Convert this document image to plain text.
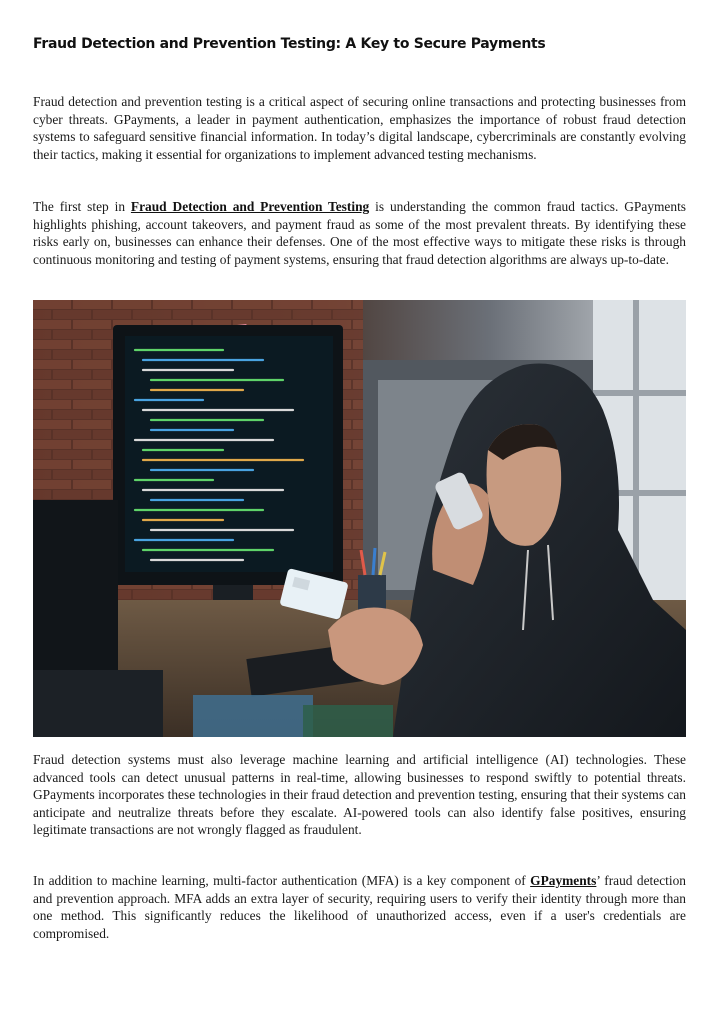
Fraud Detection and Prevention Testing: A Key to Secure Payments

Fraud detection and prevention testing is a critical aspect of securing online transactions and protecting businesses from cyber threats. GPayments, a leader in payment authentication, emphasizes the importance of robust fraud detection systems to safeguard sensitive financial information. In today’s digital landscape, cybercriminals are constantly evolving their tactics, making it essential for organizations to implement advanced testing mechanisms.

The first step in Fraud Detection and Prevention Testing is understanding the common fraud tactics. GPayments highlights phishing, account takeovers, and payment fraud as some of the most prevalent threats. By identifying these risks early on, businesses can enhance their defenses. One of the most effective ways to mitigate these risks is through continuous monitoring and testing of payment systems, ensuring that fraud detection algorithms are always up-to-date.

Fraud detection systems must also leverage machine learning and artificial intelligence (AI) technologies. These advanced tools can detect unusual patterns in real-time, allowing businesses to respond swiftly to potential threats. GPayments incorporates these technologies in their fraud detection and prevention testing, ensuring that their systems can anticipate and neutralize threats before they escalate. AI-powered tools can also identify false positives, ensuring legitimate transactions are not wrongly flagged as fraudulent.

In addition to machine learning, multi-factor authentication (MFA) is a key component of GPayments’ fraud detection and prevention approach. MFA adds an extra layer of security, requiring users to verify their identity through more than one method. This significantly reduces the likelihood of unauthorized access, even if a user's credentials are compromised.
